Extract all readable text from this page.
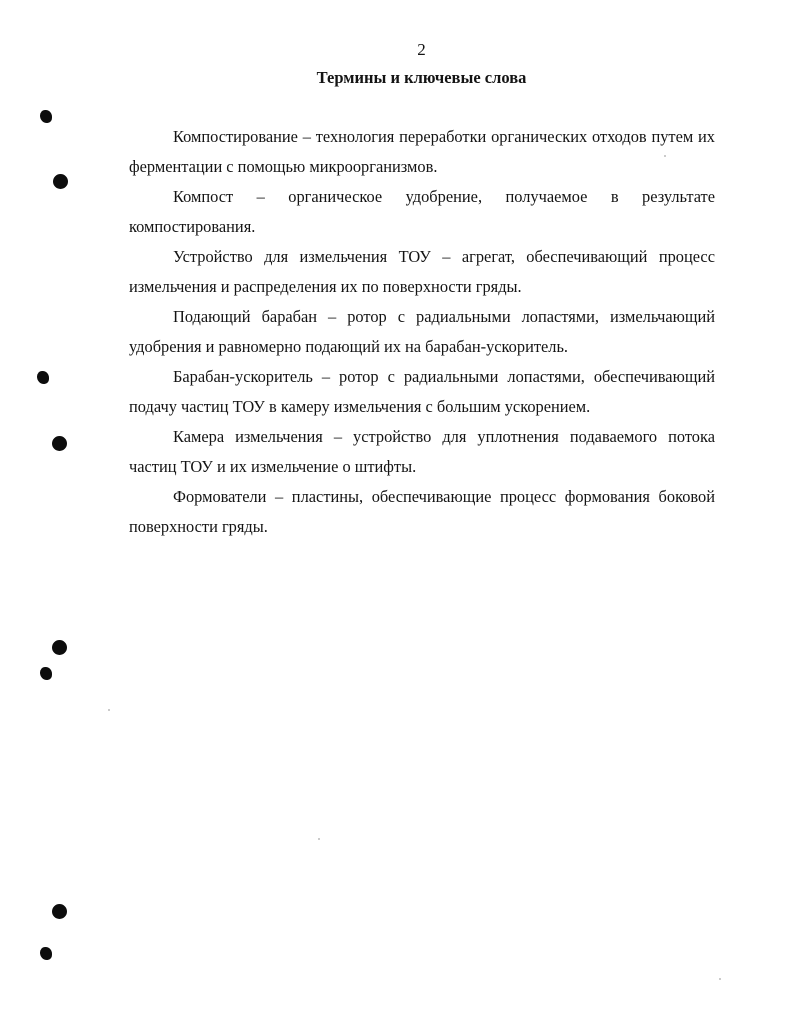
2
Термины и ключевые слова

Компостирование – технология переработки органических отходов путем их ферментации с помощью микроорганизмов.

Компост – органическое удобрение, получаемое в результате компостирования.

Устройство для измельчения ТОУ – агрегат, обеспечивающий процесс измельчения и распределения их по поверхности гряды.

Подающий барабан – ротор с радиальными лопастями, измельчающий удобрения и равномерно подающий их на барабан-ускоритель.

Барабан-ускоритель – ротор с радиальными лопастями, обеспечивающий подачу частиц ТОУ в камеру измельчения с большим ускорением.

Камера измельчения – устройство для уплотнения подаваемого потока частиц ТОУ и их измельчение о штифты.

Формователи – пластины, обеспечивающие процесс формования боковой поверхности гряды.
